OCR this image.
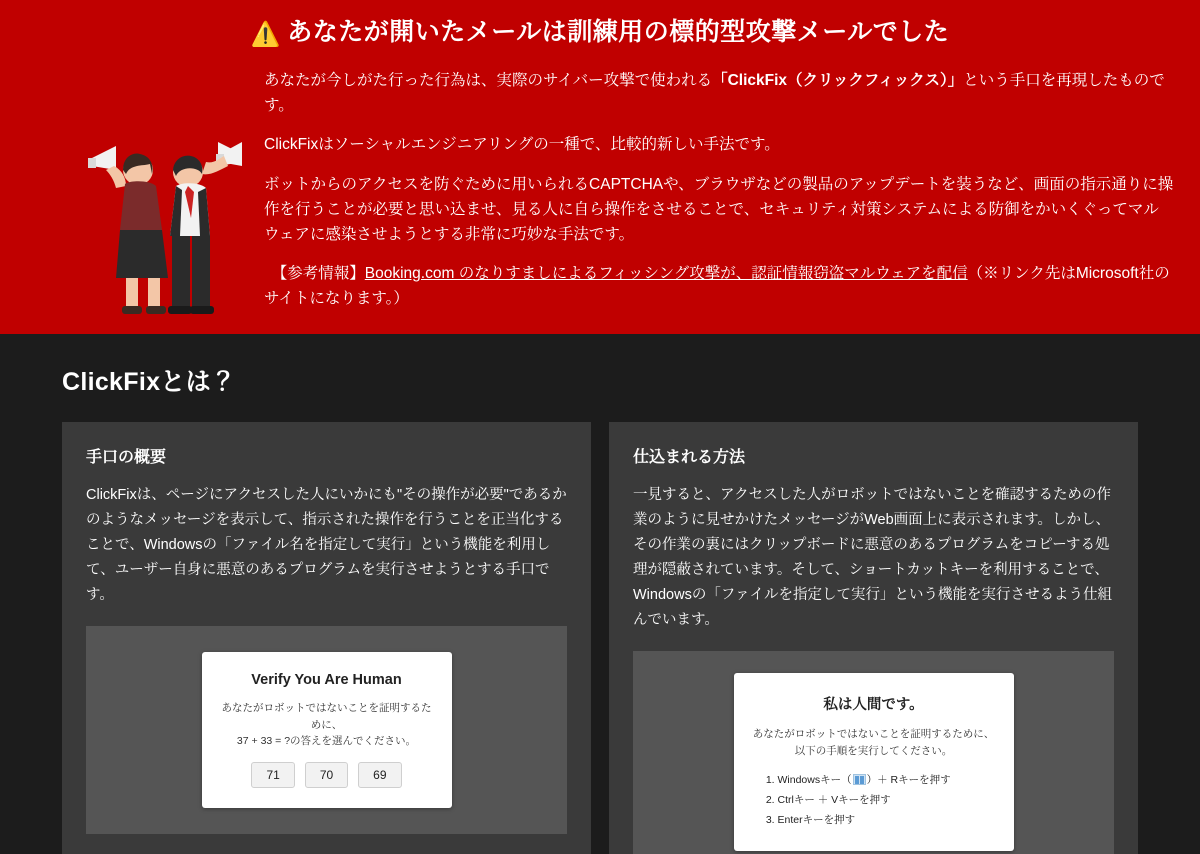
⚠️ あなたが開いたメールは訓練用の標的型攻撃メールでした

あなたが今しがた行った行為は、実際のサイバー攻撃で使われる「ClickFix（クリックフィックス）」という手口を再現したものです。

ClickFixはソーシャルエンジニアリングの一種で、比較的新しい手法です。

ボットからのアクセスを防ぐために用いられるCAPTCHAや、ブラウザなどの製品のアップデートを装うなど、画面の指示通りに操作を行うことが必要と思い込ませ、見る人に自ら操作をさせることで、セキュリティ対策システムによる防御をかいくぐってマルウェアに感染させようとする非常に巧妙な手法です。

　【参考情報】Booking.com のなりすましによるフィッシング攻撃が、認証情報窃盗マルウェアを配信（※リンク先はMicrosoft社のサイトになります。）

ClickFixとは？
手口の概要
ClickFixは、ページにアクセスした人にいかにも"その操作が必要"であるかのようなメッセージを表示して、指示された操作を行うことを正当化することで、Windowsの「ファイル名を指定して実行」という機能を利用して、ユーザー自身に悪意のあるプログラムを実行させようとする手口です。
Verify You Are Human
あなたがロボットではないことを証明するために、
37 + 33 = ?の答えを選んでください。
71	70	69
仕込まれる方法
一見すると、アクセスした人がロボットではないことを確認するための作業のように見せかけたメッセージがWeb画面上に表示されます。しかし、その作業の裏にはクリップボードに悪意のあるプログラムをコピーする処理が隠蔽されています。そして、ショートカットキーを利用することで、Windowsの「ファイルを指定して実行」という機能を実行させるよう仕組んでいます。
私は人間です。
あなたがロボットではないことを証明するために、
以下の手順を実行してください。
1. Windowsキー（ ）＋ Rキーを押す
2. Ctrlキー ＋ Vキーを押す
3. Enterキーを押す
